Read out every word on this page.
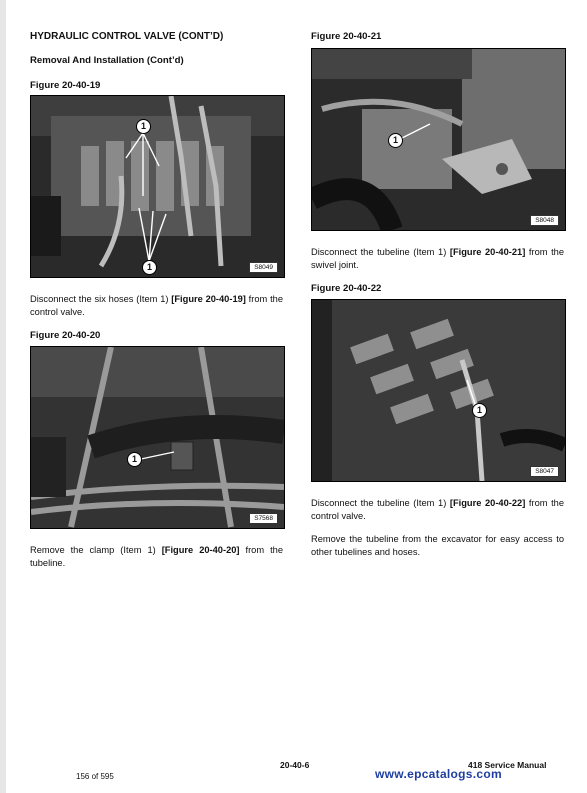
HYDRAULIC CONTROL VALVE (CONT’D)
Removal And Installation (Cont’d)
Figure 20-40-19
1
1	S8049

Disconnect the six hoses (Item 1) [Figure 20-40-19] from the control valve.

Figure 20-40-20
1
S7568

Remove the clamp (Item 1) [Figure 20-40-20] from the tubeline.

Figure 20-40-21
1
S8048

Disconnect the tubeline (Item 1) [Figure 20-40-21] from the swivel joint.

Figure 20-40-22
1
S8047

Disconnect the tubeline (Item 1) [Figure 20-40-22] from the control valve.

Remove the tubeline from the excavator for easy access to other tubelines and hoses.

20-40-6	418 Service Manual
156 of 595	www.epcatalogs.com
